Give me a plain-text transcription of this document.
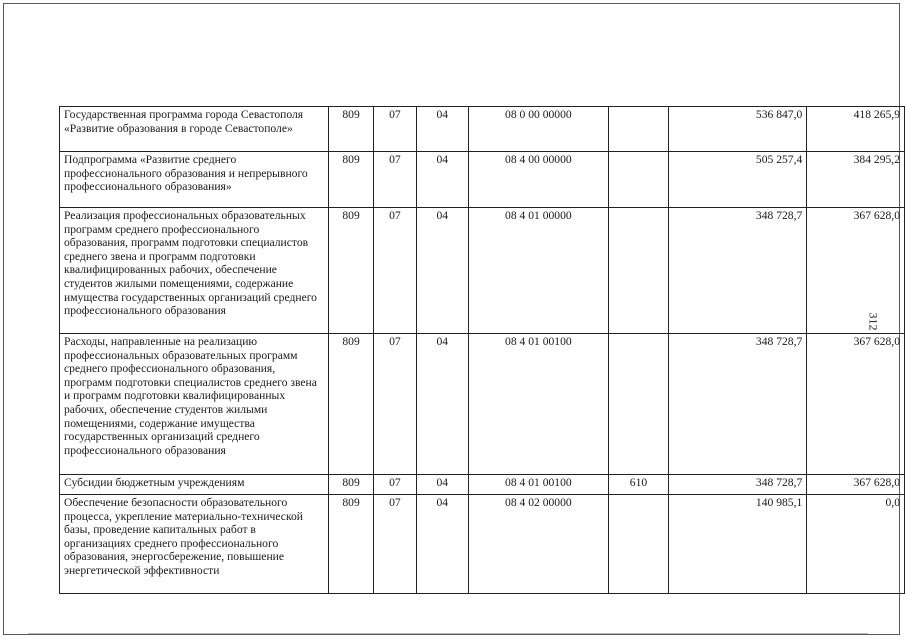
Государственная программа города Севастополя «Развитие образования в городе Севастополе»	809	07	04	08 0 00 00000		536 847,0	418 265,9
Подпрограмма «Развитие среднего профессионального образования и непрерывного профессионального образования»	809	07	04	08 4 00 00000		505 257,4	384 295,2
Реализация профессиональных образовательных программ среднего профессионального образования, программ подготовки специалистов среднего звена и программ подготовки квалифицированных рабочих, обеспечение студентов жилыми помещениями, содержание имущества государственных организаций среднего профессионального образования	809	07	04	08 4 01 00000		348 728,7	367 628,0
Расходы, направленные на реализацию профессиональных образовательных программ среднего профессионального образования, программ подготовки специалистов среднего звена и программ подготовки квалифицированных рабочих, обеспечение студентов жилыми помещениями, содержание имущества государственных организаций среднего профессионального образования	809	07	04	08 4 01 00100		348 728,7	367 628,0
Субсидии бюджетным учреждениям	809	07	04	08 4 01 00100	610	348 728,7	367 628,0
Обеспечение безопасности образовательного процесса, укрепление материально-технической базы, проведение капитальных работ в организациях среднего профессионального образования, энергосбережение, повышение энергетической эффективности	809	07	04	08 4 02 00000		140 985,1	0,0
312
